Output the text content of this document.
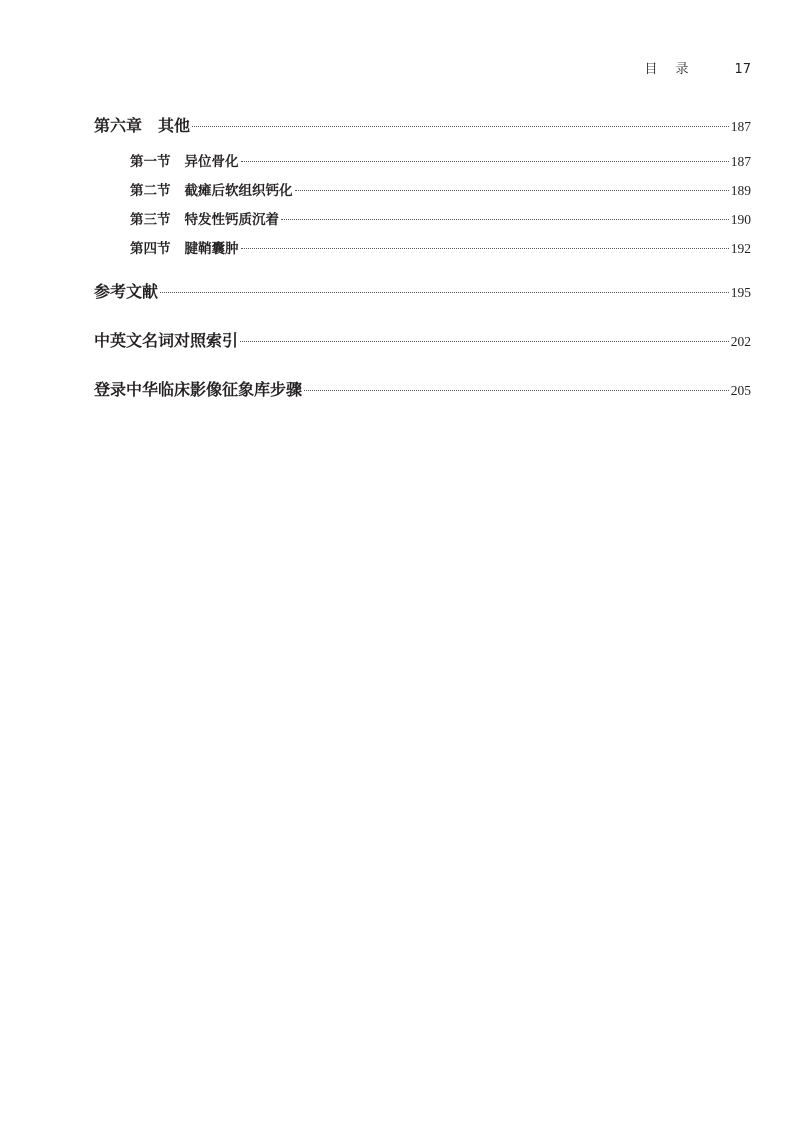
目录 17
第六章 其他	187
第一节 异位骨化	187
第二节 截瘫后软组织钙化	189
第三节 特发性钙质沉着	190
第四节 腱鞘囊肿	192
参考文献	195
中英文名词对照索引	202
登录中华临床影像征象库步骤	205
